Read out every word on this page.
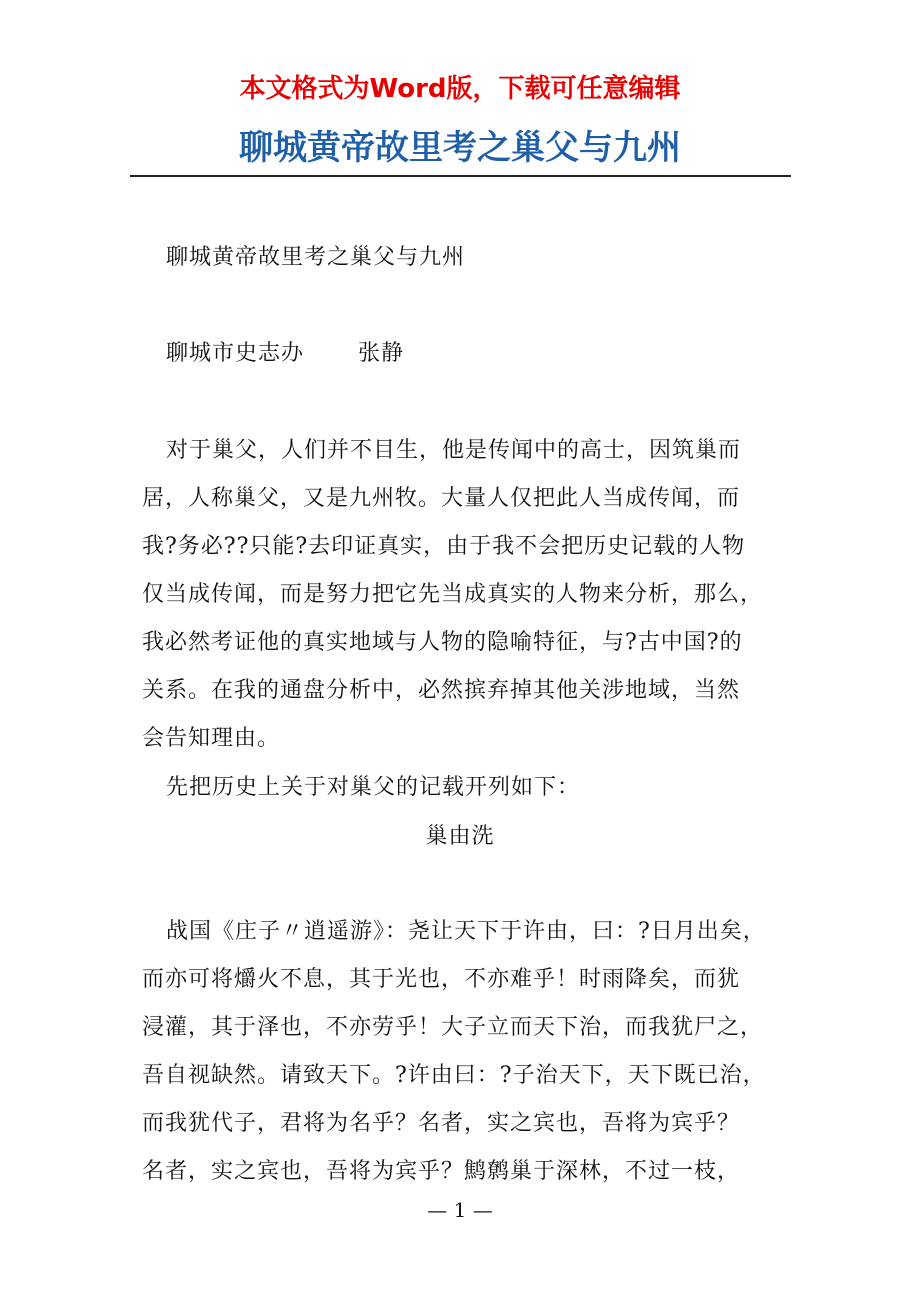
本文格式为Word版，下载可任意编辑
聊城黄帝故里考之巢父与九州
聊城黄帝故里考之巢父与九州
聊城市史志办 张静
对于巢父，人们并不目生，他是传闻中的高士，因筑巢而
居，人称巢父，又是九州牧。大量人仅把此人当成传闻，而
我?务必??只能?去印证真实，由于我不会把历史记载的人物
仅当成传闻，而是努力把它先当成真实的人物来分析，那么，
我必然考证他的真实地域与人物的隐喻特征，与?古中国?的
关系。在我的通盘分析中，必然摈弃掉其他关涉地域，当然
会告知理由。
先把历史上关于对巢父的记载开列如下：
巢由洗
战国《庄子〃逍遥游》：尧让天下于许由，曰：?日月出矣，
而亦可将爝火不息，其于光也，不亦难乎！时雨降矣，而犹
浸灌，其于泽也，不亦劳乎！大子立而天下治，而我犹尸之，
吾自视缺然。请致天下。?许由曰：?子治天下，天下既已治，
而我犹代子，君将为名乎？名者，实之宾也，吾将为宾乎？
名者，实之宾也，吾将为宾乎？鹪鹩巢于深林，不过一枝，
— 1 —
